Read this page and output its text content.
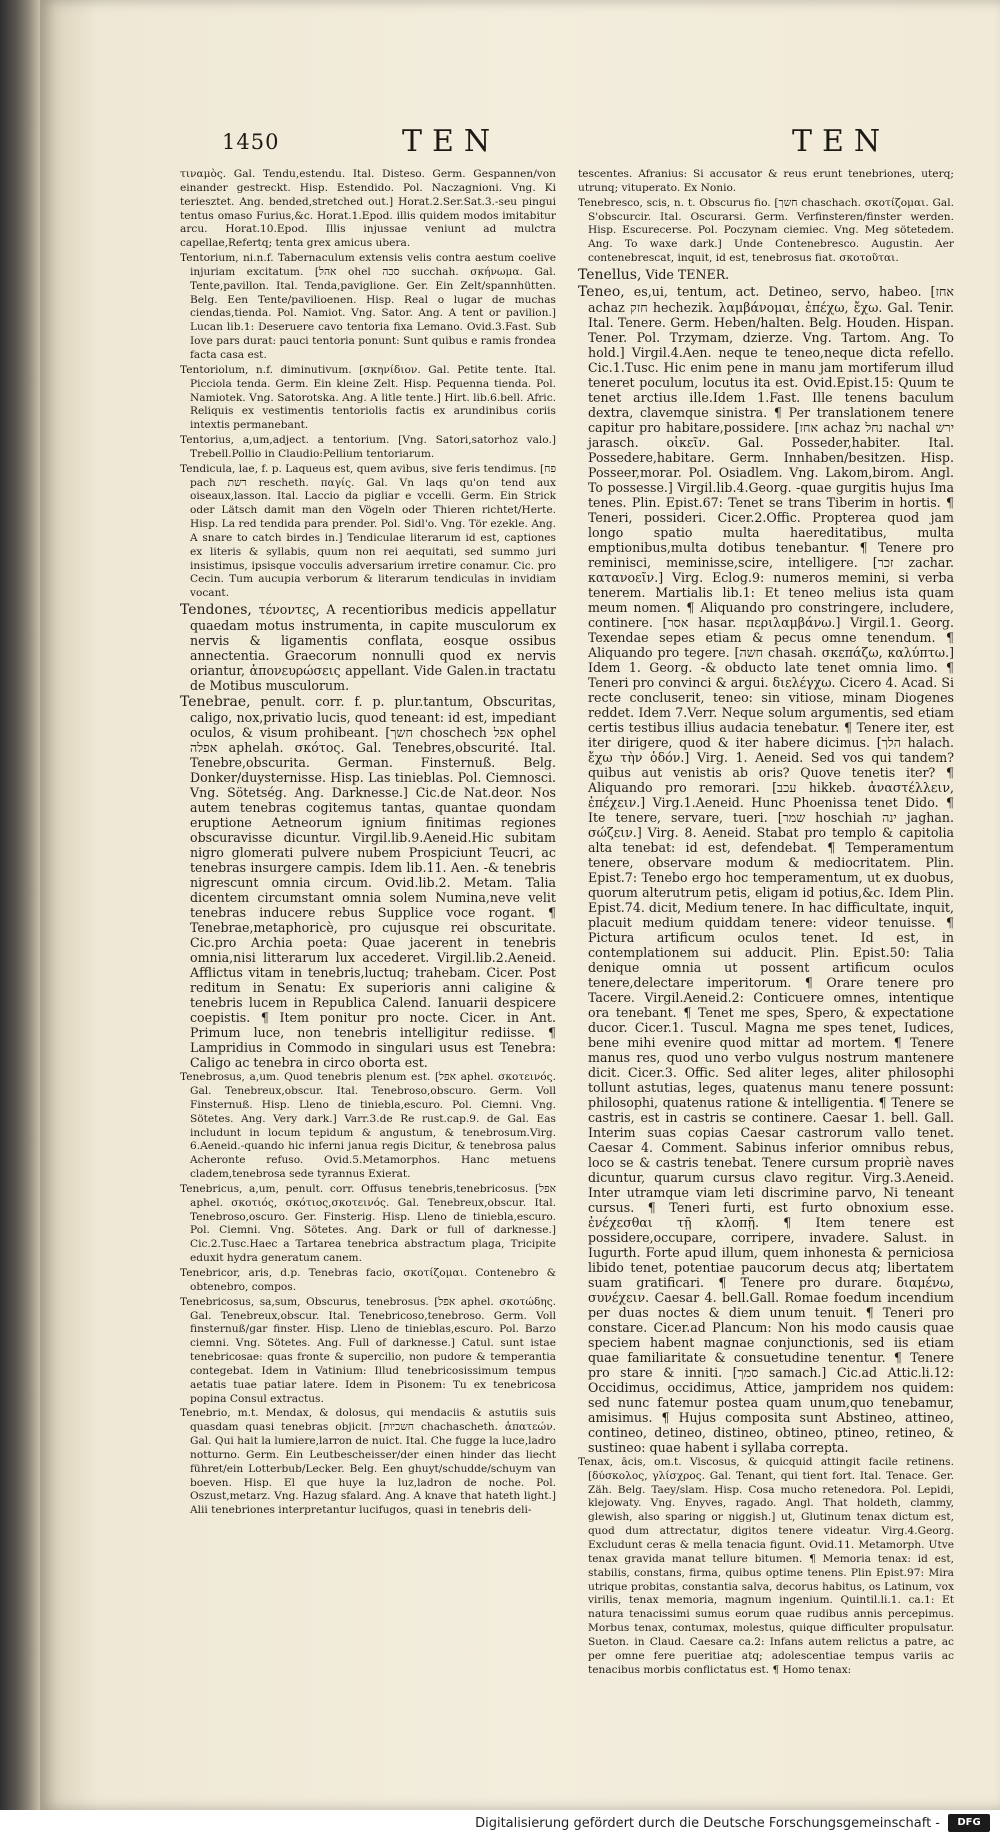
1450	TEN	TEN

τιναμὸς. Gal. Tendu,estendu. Ital. Disteso. Germ. Gespannen/von einander gestreckt. Hisp. Estendido. Pol. Naczagnioni. Vng. Ki teriesztet. Ang. bended,stretched out.] Horat.2.Ser.Sat.3.-seu pingui tentus omaso Furius,&c. Horat.1.Epod. illis quidem modos imitabitur arcu. Horat.10.Epod. Illis injussae veniunt ad mulctra capellae,Refertq; tenta grex amicus ubera.

Tentorium, ni.n.f. Tabernaculum extensis velis contra aestum coelive injuriam excitatum. [אהל ohel סכה succhah. σκήνωμα. Gal. Tente,pavillon. Ital. Tenda,paviglione. Ger. Ein Zelt/spannhütten. Belg. Een Tente/pavilioenen. Hisp. Real o lugar de muchas ciendas,tienda. Pol. Namiot. Vng. Sator. Ang. A tent or pavilion.] Lucan lib.1: Deseruere cavo tentoria fixa Lemano. Ovid.3.Fast. Sub Iove pars durat: pauci tentoria ponunt: Sunt quibus e ramis frondea facta casa est.

Tentoriolum, n.f. diminutivum. [σκηνίδιον. Gal. Petite tente. Ital. Picciola tenda. Germ. Ein kleine Zelt. Hisp. Pequenna tienda. Pol. Namiotek. Vng. Satorotska. Ang. A litle tente.] Hirt. lib.6.bell. Afric. Reliquis ex vestimentis tentoriolis factis ex arundinibus coriis intextis permanebant.

Tentorius, a,um,adject. a tentorium. [Vng. Satori,satorhoz valo.] Trebell.Pollio in Claudio:Pellium tentoriarum.

Tendicula, lae, f. p. Laqueus est, quem avibus, sive feris tendimus. [פח pach רשת rescheth. παγίς. Gal. Vn laqs qu'on tend aux oiseaux,lasson. Ital. Laccio da pigliar e vccelli. Germ. Ein Strick oder Lätsch damit man den Vögeln oder Thieren richtet/Herte. Hisp. La red tendida para prender. Pol. Sidl'o. Vng. Tör ezekle. Ang. A snare to catch birdes in.] Tendiculae literarum id est, captiones ex literis & syllabis, quum non rei aequitati, sed summo juri insistimus, ipsisque vocculis adversarium irretire conamur. Cic. pro Cecin. Tum aucupia verborum & literarum tendiculas in invidiam vocant.

Tendones, τένοντες, A recentioribus medicis appellatur quaedam motus instrumenta, in capite musculorum ex nervis & ligamentis conflata, eosque ossibus annectentia. Graecorum nonnulli quod ex nervis oriantur, ἀπονευρώσεις appellant. Vide Galen.in tractatu de Motibus musculorum.

Tenebrae, penult. corr. f. p. plur.tantum, Obscuritas, caligo, nox,privatio lucis, quod teneant: id est, impediant oculos, & visum prohibeant. [חשך choschech אפל ophel אפלה aphelah. σκότος. Gal. Tenebres,obscurité. Ital. Tenebre,obscurita. German. Finsternuß. Belg. Donker/duysternisse. Hisp. Las tinieblas. Pol. Ciemnosci. Vng. Sötetség. Ang. Darknesse.] Cic.de Nat.deor. Nos autem tenebras cogitemus tantas, quantae quondam eruptione Aetneorum ignium finitimas regiones obscuravisse dicuntur. Virgil.lib.9.Aeneid.Hic subitam nigro glomerati pulvere nubem Prospiciunt Teucri, ac tenebras insurgere campis. Idem lib.11. Aen. -& tenebris nigrescunt omnia circum. Ovid.lib.2. Metam. Talia dicentem circumstant omnia solem Numina,neve velit tenebras inducere rebus Supplice voce rogant. ¶ Tenebrae,metaphoricè, pro cujusque rei obscuritate. Cic.pro Archia poeta: Quae jacerent in tenebris omnia,nisi litterarum lux accederet. Virgil.lib.2.Aeneid. Afflictus vitam in tenebris,luctuq; trahebam. Cicer. Post reditum in Senatu: Ex superioris anni caligine & tenebris lucem in Republica Calend. Ianuarii despicere coepistis. ¶ Item ponitur pro nocte. Cicer. in Ant. Primum luce, non tenebris intelligitur rediisse. ¶ Lampridius in Commodo in singulari usus est Tenebra: Caligo ac tenebra in circo oborta est.

Tenebrosus, a,um. Quod tenebris plenum est. [אפל aphel. σκοτεινός. Gal. Tenebreux,obscur. Ital. Tenebroso,obscuro. Germ. Voll Finsternuß. Hisp. Lleno de tiniebla,escuro. Pol. Ciemni. Vng. Sötetes. Ang. Very dark.] Varr.3.de Re rust.cap.9. de Gal. Eas includunt in locum tepidum & angustum, & tenebrosum.Virg. 6.Aeneid.-quando hic inferni janua regis Dicitur, & tenebrosa palus Acheronte refuso. Ovid.5.Metamorphos. Hanc metuens cladem,tenebrosa sede tyrannus Exierat.

Tenebricus, a,um, penult. corr. Offusus tenebris,tenebricosus. [אפל aphel. σκοτιός, σκότιος,σκοτεινός. Gal. Tenebreux,obscur. Ital. Tenebroso,oscuro. Ger. Finsterig. Hisp. Lleno de tiniebla,escuro. Pol. Ciemni. Vng. Sötetes. Ang. Dark or full of darknesse.] Cic.2.Tusc.Haec a Tartarea tenebrica abstractum plaga, Tricipite eduxit hydra generatum canem.

Tenebricor, aris, d.p. Tenebras facio, σκοτίζομαι. Contenebro & obtenebro, compos.

Tenebricosus, sa,sum, Obscurus, tenebrosus. [אפל aphel. σκοτώδης. Gal. Tenebreux,obscur. Ital. Tenebricoso,tenebroso. Germ. Voll finsternuß/gar finster. Hisp. Lleno de tinieblas,escuro. Pol. Barzo ciemni. Vng. Sötetes. Ang. Full of darknesse.] Catul. sunt istae tenebricosae: quas fronte & supercilio, non pudore & temperantia contegebat. Idem in Vatinium: Illud tenebricosissimum tempus aetatis tuae patiar latere. Idem in Pisonem: Tu ex tenebricosa popina Consul extractus.

Tenebrio, m.t. Mendax, & dolosus, qui mendaciis & astutiis suis quasdam quasi tenebras objicit. [חשכיות chachascheth. ἀπατεών. Gal. Qui hait la lumiere,larron de nuict. Ital. Che fugge la luce,ladro notturno. Germ. Ein Leutbescheisser/der einen hinder das liecht führet/ein Lotterbub/Lecker. Belg. Een ghuyt/schudde/schuym van boeven. Hisp. El que huye la luz,ladron de noche. Pol. Oszust,metarz. Vng. Hazug sfalard. Ang. A knave that hateth light.] Alii tenebriones interpretantur lucifugos, quasi in tenebris deli-

tescentes. Afranius: Si accusator & reus erunt tenebriones, uterq; utrunq; vituperato. Ex Nonio.

Tenebresco, scis, n. t. Obscurus fio. [חשך chaschach. σκοτίζομαι. Gal. S'obscurcir. Ital. Oscurarsi. Germ. Verfinsteren/finster werden. Hisp. Escurecerse. Pol. Poczynam ciemiec. Vng. Meg sötetedem. Ang. To waxe dark.] Unde Contenebresco. Augustin. Aer contenebrescat, inquit, id est, tenebrosus fiat. σκοτοῦται.

Tenellus, Vide TENER.

Teneo, es,ui, tentum, act. Detineo, servo, habeo. [אחז achaz חזק hechezik. λαμβάνομαι, ἐπέχω, ἔχω. Gal. Tenir. Ital. Tenere. Germ. Heben/halten. Belg. Houden. Hispan. Tener. Pol. Trzymam, dzierze. Vng. Tartom. Ang. To hold.] Virgil.4.Aen. neque te teneo,neque dicta refello. Cic.1.Tusc. Hic enim pene in manu jam mortiferum illud teneret poculum, locutus ita est. Ovid.Epist.15: Quum te tenet arctius ille.Idem 1.Fast. Ille tenens baculum dextra, clavemque sinistra. ¶ Per translationem tenere capitur pro habitare,possidere. [אחז achaz נחל nachal ירש jarasch. οἰκεῖν. Gal. Posseder,habiter. Ital. Possedere,habitare. Germ. Innhaben/besitzen. Hisp. Posseer,morar. Pol. Osiadlem. Vng. Lakom,birom. Angl. To possesse.] Virgil.lib.4.Georg. -quae gurgitis hujus Ima tenes. Plin. Epist.67: Tenet se trans Tiberim in hortis. ¶ Teneri, possideri. Cicer.2.Offic. Propterea quod jam longo spatio multa haereditatibus, multa emptionibus,multa dotibus tenebantur. ¶ Tenere pro reminisci, meminisse,scire, intelligere. [זכר zachar. κατανοεῖν.] Virg. Eclog.9: numeros memini, si verba tenerem. Martialis lib.1: Et teneo melius ista quam meum nomen. ¶ Aliquando pro constringere, includere, continere. [אסר hasar. περιλαμβάνω.] Virgil.1. Georg. Texendae sepes etiam & pecus omne tenendum. ¶ Aliquando pro tegere. [חשה chasah. σκεπάζω, καλύπτω.] Idem 1. Georg. -& obducto late tenet omnia limo. ¶ Teneri pro convinci & argui. διελέγχω. Cicero 4. Acad. Si recte concluserit, teneo: sin vitiose, minam Diogenes reddet. Idem 7.Verr. Neque solum argumentis, sed etiam certis testibus illius audacia tenebatur. ¶ Tenere iter, est iter dirigere, quod & iter habere dicimus. [הלך halach. ἔχω τὴν ὁδόν.] Virg. 1. Aeneid. Sed vos qui tandem? quibus aut venistis ab oris? Quove tenetis iter? ¶ Aliquando pro remorari. [עכב hikkeb. ἀναστέλλειν, ἐπέχειν.] Virg.1.Aeneid. Hunc Phoenissa tenet Dido. ¶ Ite tenere, servare, tueri. [שמר hoschiah ינה jaghan. σώζειν.] Virg. 8. Aeneid. Stabat pro templo & capitolia alta tenebat: id est, defendebat. ¶ Temperamentum tenere, observare modum & mediocritatem. Plin. Epist.7: Tenebo ergo hoc temperamentum, ut ex duobus, quorum alterutrum petis, eligam id potius,&c. Idem Plin. Epist.74. dicit, Medium tenere. In hac difficultate, inquit, placuit medium quiddam tenere: videor tenuisse. ¶ Pictura artificum oculos tenet. Id est, in contemplationem sui adducit. Plin. Epist.50: Talia denique omnia ut possent artificum oculos tenere,delectare imperitorum. ¶ Orare tenere pro Tacere. Virgil.Aeneid.2: Conticuere omnes, intentique ora tenebant. ¶ Tenet me spes, Spero, & expectatione ducor. Cicer.1. Tuscul. Magna me spes tenet, Iudices, bene mihi evenire quod mittar ad mortem. ¶ Tenere manus res, quod uno verbo vulgus nostrum mantenere dicit. Cicer.3. Offic. Sed aliter leges, aliter philosophi tollunt astutias, leges, quatenus manu tenere possunt: philosophi, quatenus ratione & intelligentia. ¶ Tenere se castris, est in castris se continere. Caesar 1. bell. Gall. Interim suas copias Caesar castrorum vallo tenet. Caesar 4. Comment. Sabinus inferior omnibus rebus, loco se & castris tenebat. Tenere cursum propriè naves dicuntur, quarum cursus clavo regitur. Virg.3.Aeneid. Inter utramque viam leti discrimine parvo, Ni teneant cursus. ¶ Teneri furti, est furto obnoxium esse. ἐνέχεσθαι τῇ κλοπῇ. ¶ Item tenere est possidere,occupare, corripere, invadere. Salust. in Iugurth. Forte apud illum, quem inhonesta & perniciosa libido tenet, potentiae paucorum decus atq; libertatem suam gratificari. ¶ Tenere pro durare. διαμένω, συνέχειν. Caesar 4. bell.Gall. Romae foedum incendium per duas noctes & diem unum tenuit. ¶ Teneri pro constare. Cicer.ad Plancum: Non his modo causis quae speciem habent magnae conjunctionis, sed iis etiam quae familiaritate & consuetudine tenentur. ¶ Tenere pro stare & inniti. [סמך samach.] Cic.ad Attic.li.12: Occidimus, occidimus, Attice, jampridem nos quidem: sed nunc fatemur postea quam unum,quo tenebamur, amisimus. ¶ Hujus composita sunt Abstineo, attineo, contineo, detineo, distineo, obtineo, ptineo, retineo, & sustineo: quae habent i syllaba correpta.

Tenax, ācis, om.t. Viscosus, & quicquid attingit facile retinens. [δύσκολος, γλίσχρος. Gal. Tenant, qui tient fort. Ital. Tenace. Ger. Zäh. Belg. Taey/slam. Hisp. Cosa mucho retenedora. Pol. Lepidi, klejowaty. Vng. Enyves, ragado. Angl. That holdeth, clammy, glewish, also sparing or niggish.] ut, Glutinum tenax dictum est, quod dum attrectatur, digitos tenere videatur. Virg.4.Georg. Excludunt ceras & mella tenacia figunt. Ovid.11. Metamorph. Utve tenax gravida manat tellure bitumen. ¶ Memoria tenax: id est, stabilis, constans, firma, quibus optime tenens. Plin Epist.97: Mira utrique probitas, constantia salva, decorus habitus, os Latinum, vox virilis, tenax memoria, magnum ingenium. Quintil.li.1. ca.1: Et natura tenacissimi sumus eorum quae rudibus annis percepimus. Morbus tenax, contumax, molestus, quique difficulter propulsatur. Sueton. in Claud. Caesare ca.2: Infans autem relictus a patre, ac per omne fere pueritiae atq; adolescentiae tempus variis ac tenacibus morbis conflictatus est. ¶ Homo tenax:

Digitalisierung gefördert durch die Deutsche Forschungsgemeinschaft -	DFG
